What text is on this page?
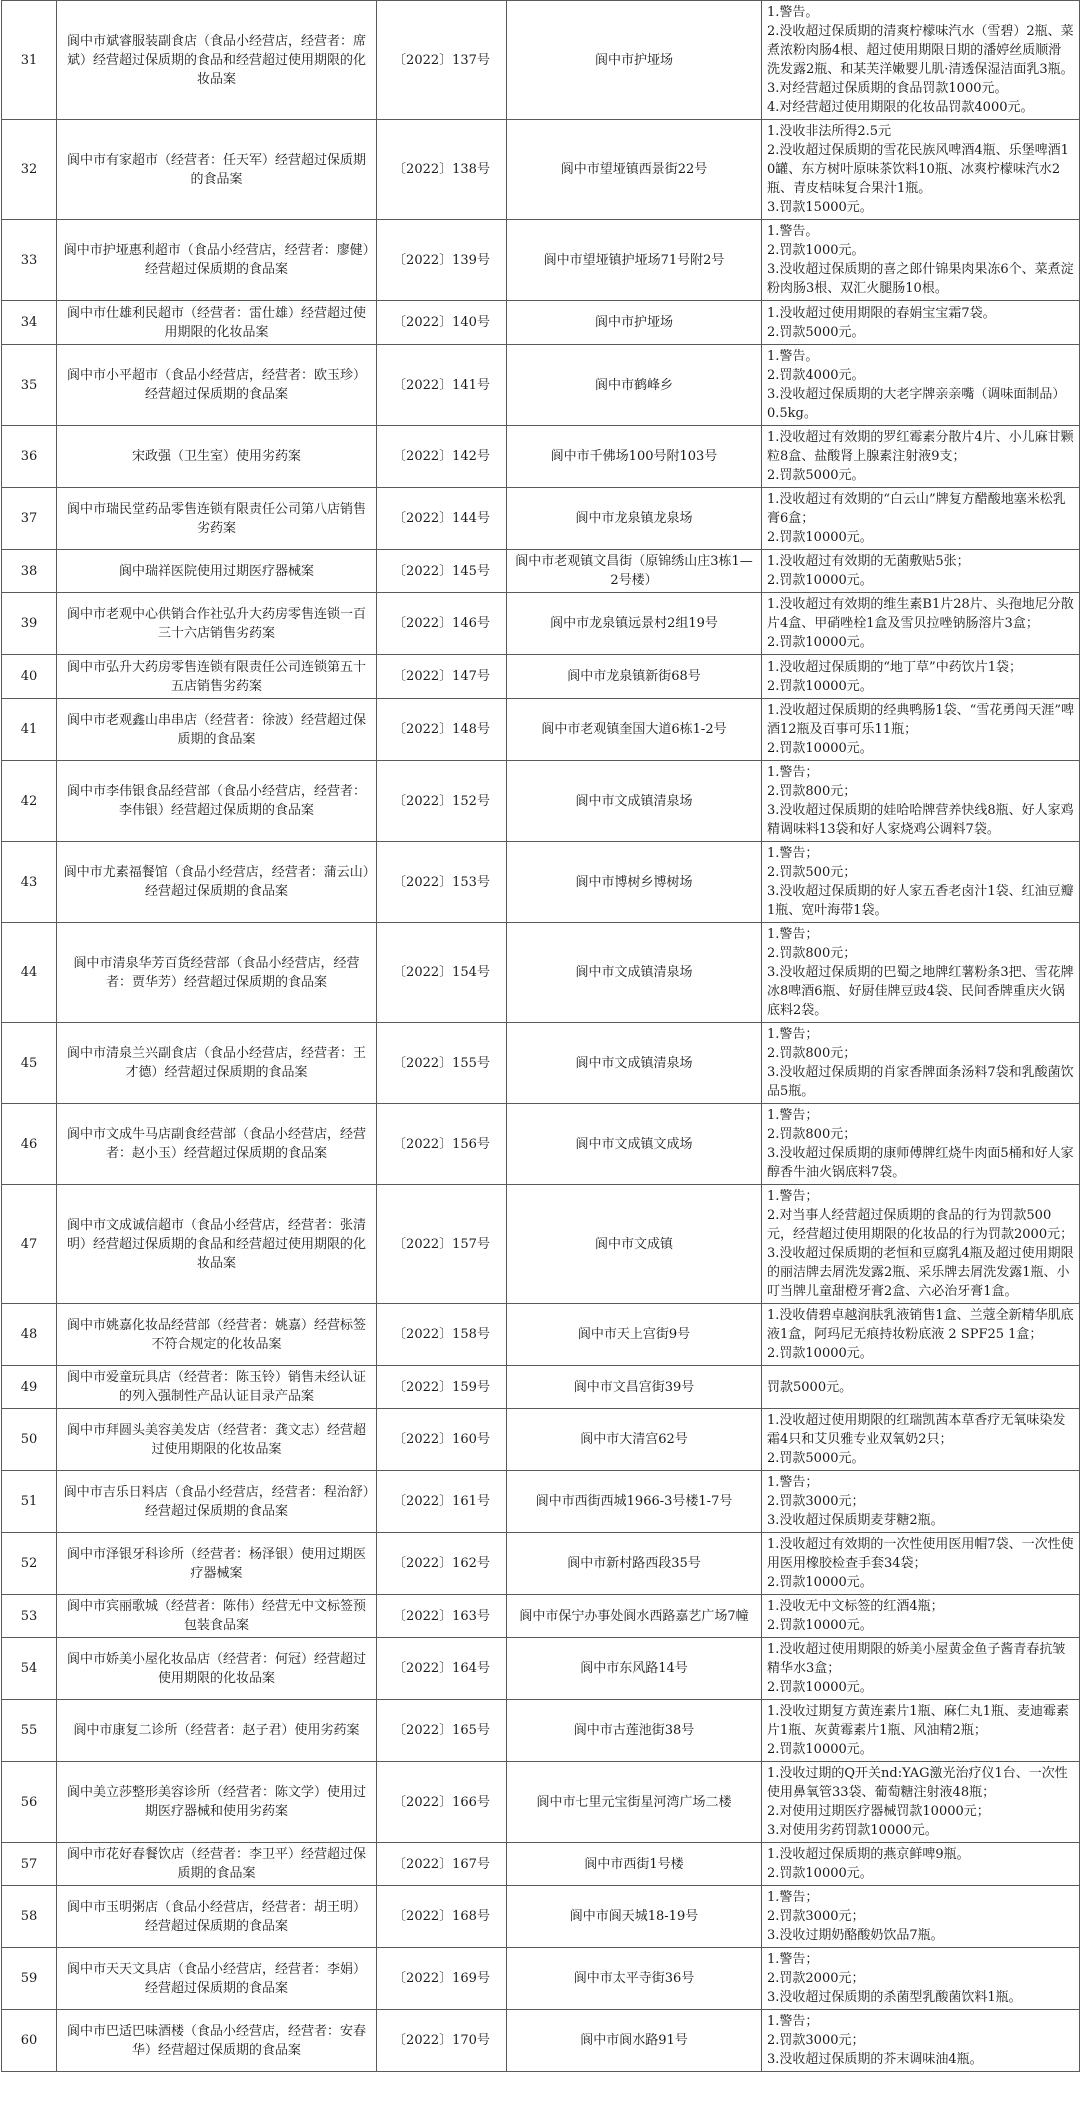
31	阆中市斌睿服装副食店（食品小经营店，经营者：席斌）经营超过保质期的食品和经营超过使用期限的化妆品案	〔2022〕137号	阆中市护垭场	1.警告。
2.没收超过保质期的清爽柠檬味汽水（雪碧）2瓶、菜煮浓粉肉肠4根、超过使用期限日期的潘婷丝质顺滑洗发露2瓶、和某芙洋嫩婴儿肌·清透保湿洁面乳3瓶。
3.对经营超过保质期的食品罚款1000元。
4.对经营超过使用期限的化妆品罚款4000元。
32	阆中市有家超市（经营者：任天军）经营超过保质期的食品案	〔2022〕138号	阆中市望垭镇西景街22号	1.没收非法所得2.5元
2.没收超过保质期的雪花民族风啤酒4瓶、乐堡啤酒10罐、东方树叶原味茶饮料10瓶、冰爽柠檬味汽水2瓶、青皮桔味复合果汁1瓶。
3.罚款15000元。
33	阆中市护垭惠利超市（食品小经营店，经营者：廖健）经营超过保质期的食品案	〔2022〕139号	阆中市望垭镇护垭场71号附2号	1.警告。
2.罚款1000元。
3.没收超过保质期的喜之郎什锦果肉果冻6个、菜煮淀粉肉肠3根、双汇火腿肠10根。
34	阆中市仕雄利民超市（经营者：雷仕雄）经营超过使用期限的化妆品案	〔2022〕140号	阆中市护垭场	1.没收超过使用期限的春娟宝宝霜7袋。
2.罚款5000元。
35	阆中市小平超市（食品小经营店，经营者：欧玉珍）经营超过保质期的食品案	〔2022〕141号	阆中市鹤峰乡	1.警告。
2.罚款4000元。
3.没收超过保质期的大老字牌亲亲嘴（调味面制品）0.5kg。
36	宋政强（卫生室）使用劣药案	〔2022〕142号	阆中市千佛场100号附103号	1.没收超过有效期的罗红霉素分散片4片、小儿麻甘颗粒8盒、盐酸肾上腺素注射液9支；
2.罚款5000元。
37	阆中市瑞民堂药品零售连锁有限责任公司第八店销售劣药案	〔2022〕144号	阆中市龙泉镇龙泉场	1.没收超过有效期的“白云山”牌复方醋酸地塞米松乳膏6盒；
2.罚款10000元。
38	阆中瑞祥医院使用过期医疗器械案	〔2022〕145号	阆中市老观镇文昌街（原锦绣山庄3栋1—2号楼）	1.没收超过有效期的无菌敷贴5张；
2.罚款10000元。
39	阆中市老观中心供销合作社弘升大药房零售连锁一百三十六店销售劣药案	〔2022〕146号	阆中市龙泉镇远景村2组19号	1.没收超过有效期的维生素B1片28片、头孢地尼分散片4盒、甲硝唑栓1盒及雪贝拉唑钠肠溶片3盒；
2.罚款10000元。
40	阆中市弘升大药房零售连锁有限责任公司连锁第五十五店销售劣药案	〔2022〕147号	阆中市龙泉镇新街68号	1.没收超过保质期的“地丁草”中药饮片1袋；
2.罚款10000元。
41	阆中市老观鑫山串串店（经营者：徐波）经营超过保质期的食品案	〔2022〕148号	阆中市老观镇奎国大道6栋1-2号	1.没收超过保质期的经典鸭肠1袋、“雪花勇闯天涯”啤酒12瓶及百事可乐11瓶；
2.罚款10000元。
42	阆中市李伟银食品经营部（食品小经营店，经营者：李伟银）经营超过保质期的食品案	〔2022〕152号	阆中市文成镇清泉场	1.警告；
2.罚款800元；
3.没收超过保质期的娃哈哈牌营养快线8瓶、好人家鸡精调味料13袋和好人家烧鸡公调料7袋。
43	阆中市尤素福餐馆（食品小经营店，经营者：蒲云山）经营超过保质期的食品案	〔2022〕153号	阆中市博树乡博树场	1.警告；
2.罚款500元；
3.没收超过保质期的好人家五香老卤汁1袋、红油豆瓣1瓶、宽叶海带1袋。
44	阆中市清泉华芳百货经营部（食品小经营店，经营者：贾华芳）经营超过保质期的食品案	〔2022〕154号	阆中市文成镇清泉场	1.警告；
2.罚款800元；
3.没收超过保质期的巴蜀之地牌红薯粉条3把、雪花牌冰8啤酒6瓶、好厨佳牌豆豉4袋、民间香牌重庆火锅底料2袋。
45	阆中市清泉兰兴副食店（食品小经营店，经营者：王才德）经营超过保质期的食品案	〔2022〕155号	阆中市文成镇清泉场	1.警告；
2.罚款800元；
3.没收超过保质期的肖家香牌面条汤料7袋和乳酸菌饮品5瓶。
46	阆中市文成牛马店副食经营部（食品小经营店，经营者：赵小玉）经营超过保质期的食品案	〔2022〕156号	阆中市文成镇文成场	1.警告；
2.罚款800元；
3.没收超过保质期的康师傅牌红烧牛肉面5桶和好人家醇香牛油火锅底料7袋。
47	阆中市文成诚信超市（食品小经营店，经营者：张清明）经营超过保质期的食品和经营超过使用期限的化妆品案	〔2022〕157号	阆中市文成镇	1.警告；
2.对当事人经营超过保质期的食品的行为罚款500元，经营超过使用期限的化妆品的行为罚款2000元；
3.没收超过保质期的老恒和豆腐乳4瓶及超过使用期限的丽洁牌去屑洗发露2瓶、采乐牌去屑洗发露1瓶、小叮当牌儿童甜橙牙膏2盒、六必治牙膏1盒。
48	阆中市姚嘉化妆品经营部（经营者：姚嘉）经营标签不符合规定的化妆品案	〔2022〕158号	阆中市天上宫街9号	1.没收倩碧卓越润肤乳液销售1盒、兰蔻全新精华肌底液1盒，阿玛尼无痕持妆粉底液 2 SPF25 1盒；
2.罚款10000元。
49	阆中市爱童玩具店（经营者：陈玉铃）销售未经认证的列入强制性产品认证目录产品案	〔2022〕159号	阆中市文昌宫街39号	罚款5000元。
50	阆中市拜圆头美容美发店（经营者：龚文志）经营超过使用期限的化妆品案	〔2022〕160号	阆中市大清宫62号	1.没收超过使用期限的红瑞凯茜本草香疗无氧味染发霜4只和艾贝雅专业双氧奶2只；
2.罚款5000元。
51	阆中市吉乐日料店（食品小经营店，经营者：程治舒）经营超过保质期的食品案	〔2022〕161号	阆中市西街西城1966-3号楼1-7号	1.警告；
2.罚款3000元；
3.没收超过保质期麦芽糖2瓶。
52	阆中市泽银牙科诊所（经营者：杨泽银）使用过期医疗器械案	〔2022〕162号	阆中市新村路西段35号	1.没收超过有效期的一次性使用医用帽7袋、一次性使用医用橡胶检查手套34袋；
2.罚款10000元。
53	阆中市宾丽歌城（经营者：陈伟）经营无中文标签预包装食品案	〔2022〕163号	阆中市保宁办事处阆水西路嘉艺广场7幢	1.没收无中文标签的红酒4瓶；
2.罚款10000元。
54	阆中市娇美小屋化妆品店（经营者：何冠）经营超过使用期限的化妆品案	〔2022〕164号	阆中市东风路14号	1.没收超过使用期限的娇美小屋黄金鱼子酱青春抗皱精华水3盒；
2.罚款10000元。
55	阆中市康复二诊所（经营者：赵子君）使用劣药案	〔2022〕165号	阆中市古莲池街38号	1.没收过期复方黄连素片1瓶、麻仁丸1瓶、麦迪霉素片1瓶、灰黄霉素片1瓶、风油精2瓶；
2.罚款10000元。
56	阆中美立莎整形美容诊所（经营者：陈文学）使用过期医疗器械和使用劣药案	〔2022〕166号	阆中市七里元宝街星河湾广场二楼	1.没收过期的Q开关nd:YAG激光治疗仪1台、一次性使用鼻氧管33袋、葡萄糖注射液48瓶；
2.对使用过期医疗器械罚款10000元；
3.对使用劣药罚款10000元。
57	阆中市花好春餐饮店（经营者：李卫平）经营超过保质期的食品案	〔2022〕167号	阆中市西街1号楼	1.没收超过保质期的燕京鲜啤9瓶。
2.罚款10000元。
58	阆中市玉明粥店（食品小经营店，经营者：胡王明）经营超过保质期的食品案	〔2022〕168号	阆中市阆天城18-19号	1.警告；
2.罚款3000元；
3.没收过期奶酪酸奶饮品7瓶。
59	阆中市天天文具店（食品小经营店，经营者：李娟）经营超过保质期的食品案	〔2022〕169号	阆中市太平寺街36号	1.警告；
2.罚款2000元；
3.没收超过保质期的杀菌型乳酸菌饮料1瓶。
60	阆中市巴适巴味酒楼（食品小经营店，经营者：安春华）经营超过保质期的食品案	〔2022〕170号	阆中市阆水路91号	1.警告；
2.罚款3000元；
3.没收超过保质期的芥末调味油4瓶。
